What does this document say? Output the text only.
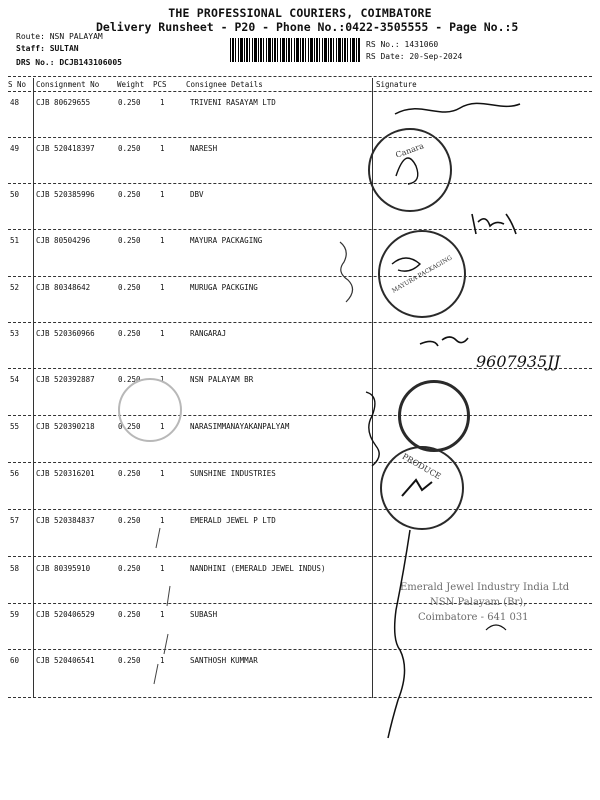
THE PROFESSIONAL COURIERS, COIMBATORE
Delivery Runsheet - P20 - Phone No.:0422-3505555 - Page No.:5
Route: NSN PALAYAM
Staff: SULTAN
DRS No.: DCJB143106005
RS No.: 1431060
RS Date: 20-Sep-2024
S No Consignment No Weight PCS	Consignee Details	Signature
48 CJB 80629655	0.250	1	TRIVENI RASAYAM LTD
49 CJB 520418397	0.250	1	NARESH
50 CJB 520385996	0.250	1	DBV
51 CJB 80504296	0.250	1	MAYURA PACKAGING
52 CJB 80348642	0.250	1	MURUGA PACKGING
53 CJB 520360966	0.250	1	RANGARAJ
54 CJB 520392887	0.250	1	NSN PALAYAM BR
55 CJB 520390218	0.250	1	NARASIMMANAYAKANPALYAM
56 CJB 520316201	0.250	1	SUNSHINE INDUSTRIES
57 CJB 520384837	0.250	1	EMERALD JEWEL P LTD
58 CJB 80395910	0.250	1	NANDHINI (EMERALD JEWEL INDUS)
59 CJB 520406529	0.250	1	SUBASH
60 CJB 520406541	0.250	1	SANTHOSH KUMMAR
Canara
MAYURA PACKAGING
PRODUCE
Emerald Jewel Industry India Ltd
NSN Palayam (Br),
Coimbatore - 641 031
9607935JJ
